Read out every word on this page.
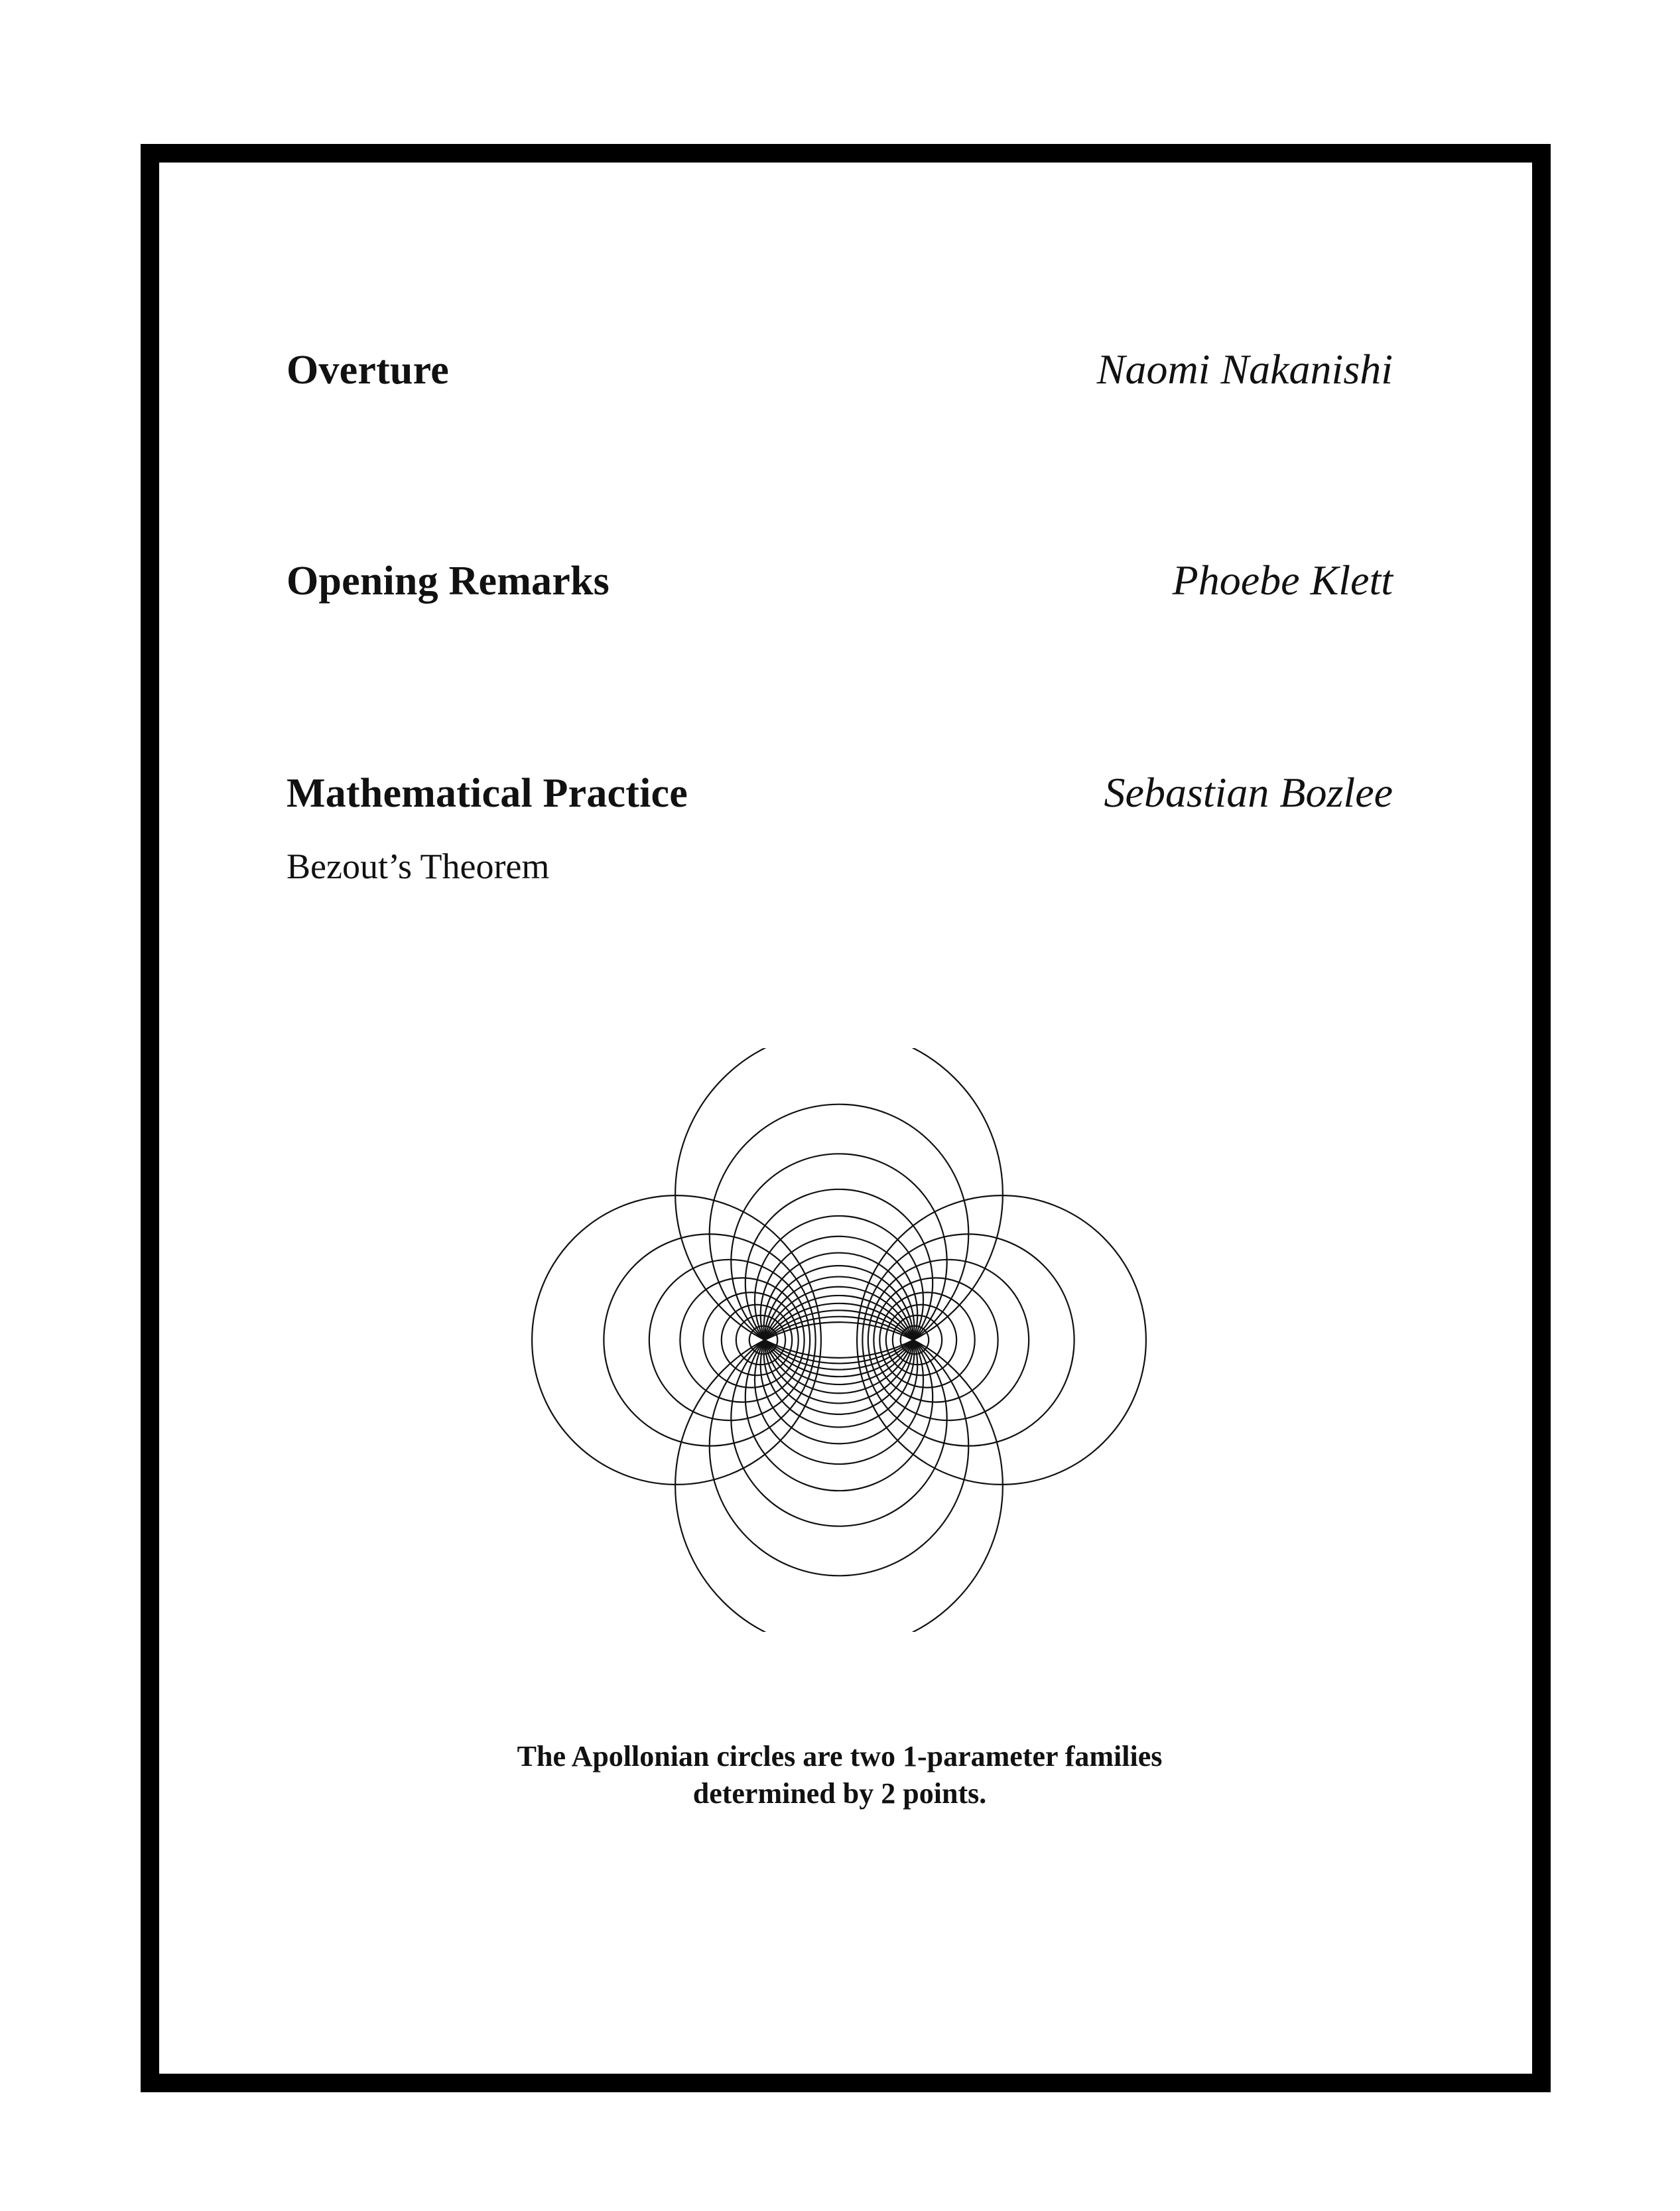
Overture	Naomi Nakanishi
Opening Remarks	Phoebe Klett
Mathematical Practice	Sebastian Bozlee
Bezout’s Theorem
The Apollonian circles are two 1-parameter families
determined by 2 points.
